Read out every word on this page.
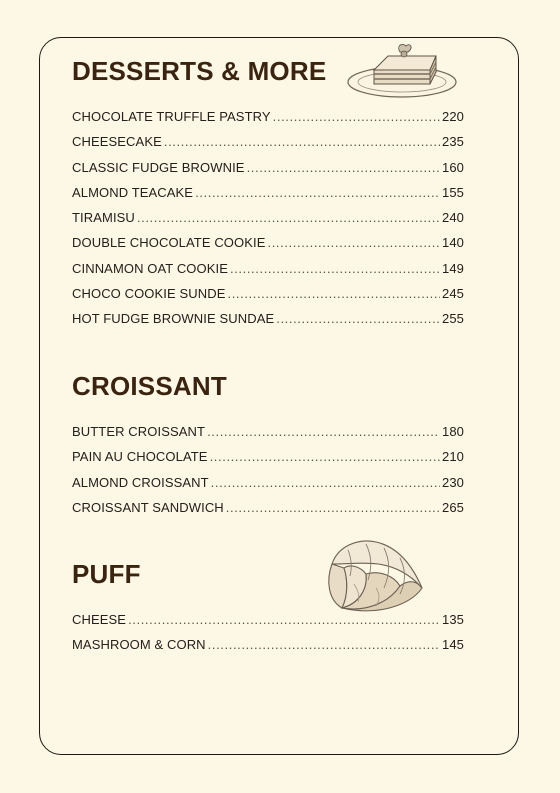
DESSERTS & MORE
CHOCOLATE TRUFFLE PASTRY .....	220
CHEESECAKE .....	235
CLASSIC FUDGE BROWNIE .....	160
ALMOND TEACAKE .....	155
TIRAMISU .....	240
DOUBLE CHOCOLATE COOKIE .....	140
CINNAMON OAT COOKIE .....	149
CHOCO COOKIE SUNDE .....	245
HOT FUDGE BROWNIE SUNDAE .....	255
CROISSANT
BUTTER CROISSANT .....	180
PAIN AU CHOCOLATE .....	210
ALMOND CROISSANT .....	230
CROISSANT SANDWICH .....	265
PUFF
CHEESE .....	135
MASHROOM & CORN .....	145
